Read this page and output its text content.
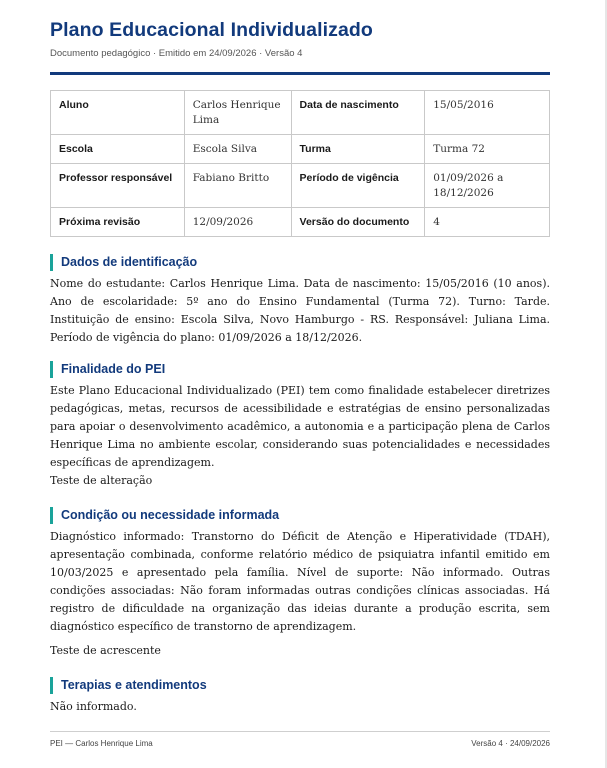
Plano Educacional Individualizado
Documento pedagógico · Emitido em 24/09/2026 · Versão 4
Aluno	Carlos Henrique Lima	Data de nascimento	15/05/2016
Escola	Escola Silva	Turma	Turma 72
Professor responsável	Fabiano Britto	Período de vigência	01/09/2026 a 18/12/2026
Próxima revisão	12/09/2026	Versão do documento	4
Dados de identificação

Nome do estudante: Carlos Henrique Lima. Data de nascimento: 15/05/2016 (10 anos). Ano de escolaridade: 5º ano do Ensino Fundamental (Turma 72). Turno: Tarde. Instituição de ensino: Escola Silva, Novo Hamburgo - RS. Responsável: Juliana Lima. Período de vigência do plano: 01/09/2026 a 18/12/2026.

Finalidade do PEI

Este Plano Educacional Individualizado (PEI) tem como finalidade estabelecer diretrizes pedagógicas, metas, recursos de acessibilidade e estratégias de ensino personalizadas para apoiar o desenvolvimento acadêmico, a autonomia e a participação plena de Carlos Henrique Lima no ambiente escolar, considerando suas potencialidades e necessidades específicas de aprendizagem.

Teste de alteração

Condição ou necessidade informada

Diagnóstico informado: Transtorno do Déficit de Atenção e Hiperatividade (TDAH), apresentação combinada, conforme relatório médico de psiquiatra infantil emitido em 10/03/2025 e apresentado pela família. Nível de suporte: Não informado. Outras condições associadas: Não foram informadas outras condições clínicas associadas. Há registro de dificuldade na organização das ideias durante a produção escrita, sem diagnóstico específico de transtorno de aprendizagem.

Teste de acrescente

Terapias e atendimentos

Não informado.

PEI — Carlos Henrique Lima	Versão 4 · 24/09/2026
